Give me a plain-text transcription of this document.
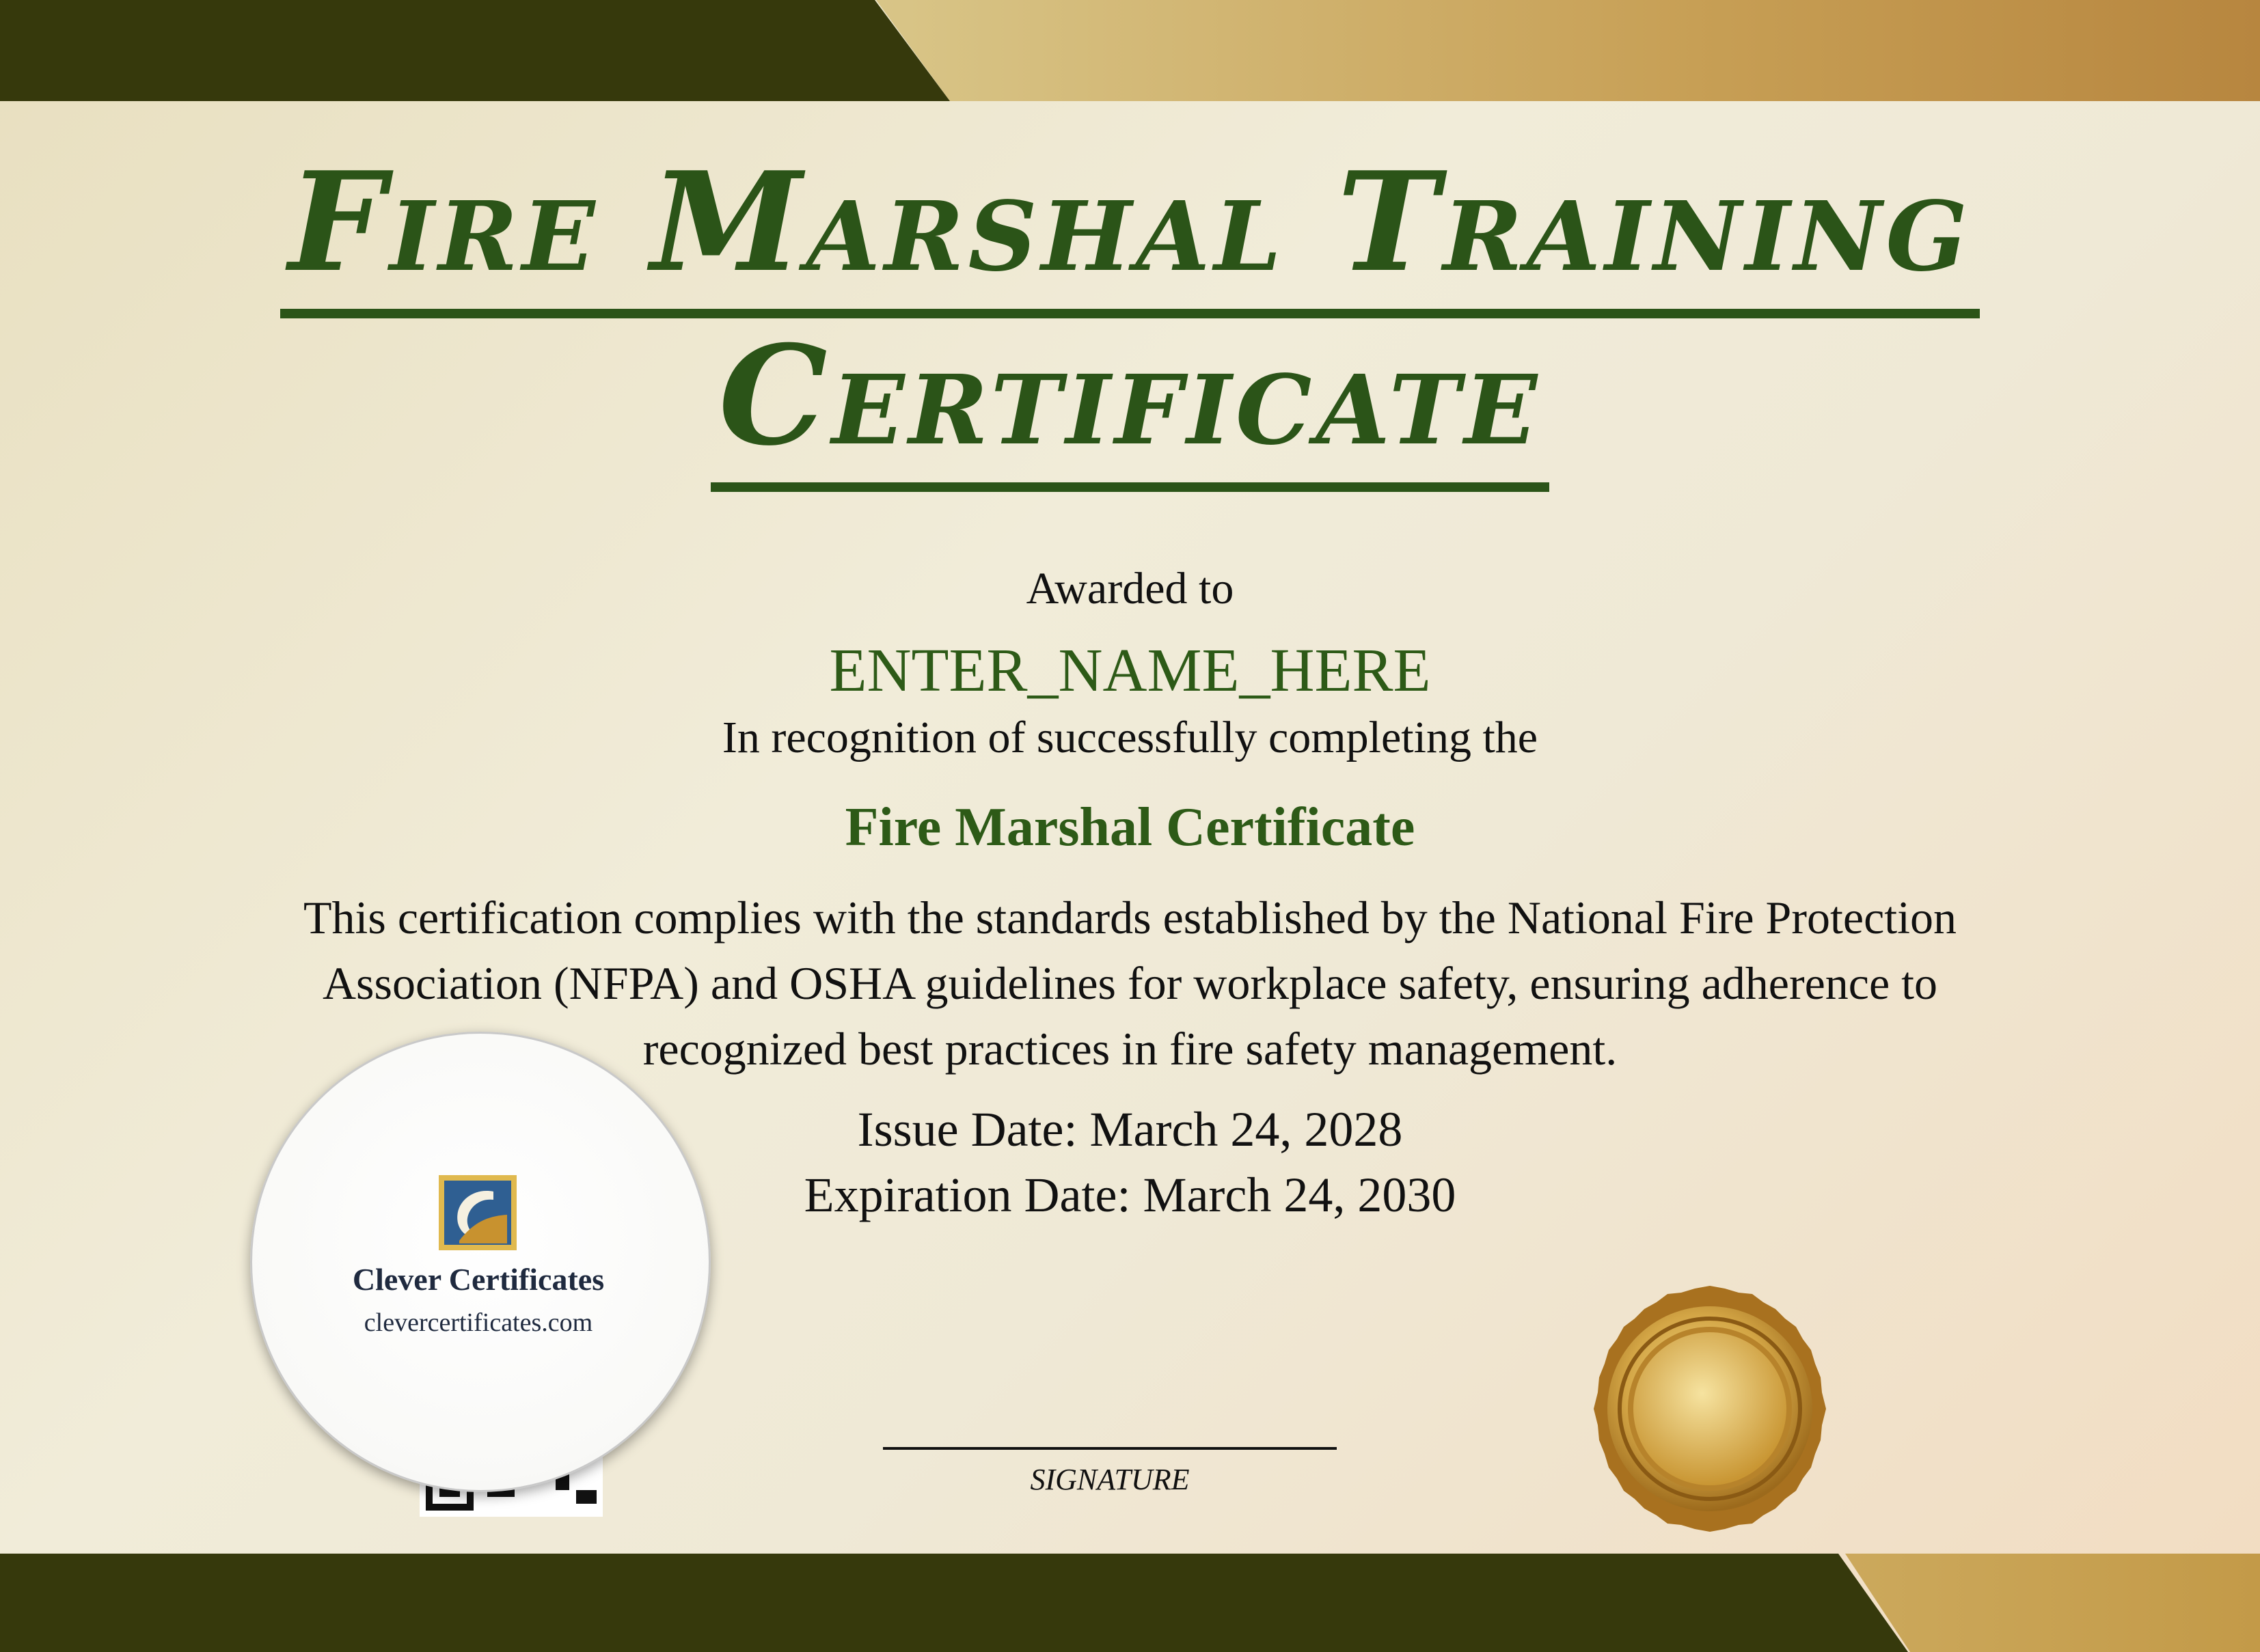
Fire Marshal Training
Certificate
Awarded to
ENTER_NAME_HERE
In recognition of successfully completing the
Fire Marshal Certificate
This certification complies with the standards established by the National Fire Protection Association (NFPA) and OSHA guidelines for workplace safety, ensuring adherence to recognized best practices in fire safety management.
Issue Date: March 24, 2028
Expiration Date: March 24, 2030
SIGNATURE
Clever Certificates
clevercertificates.com
